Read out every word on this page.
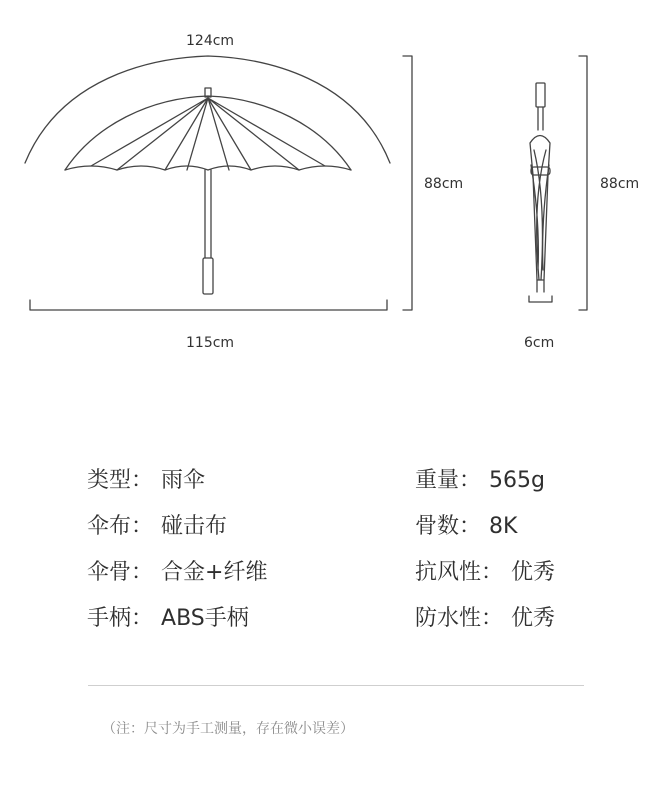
124cm
88cm
115cm
88cm
6cm
类型： 雨伞
伞布： 碰击布
伞骨： 合金+纤维
手柄： ABS手柄
重量： 565g
骨数： 8K
抗风性： 优秀
防水性： 优秀
（注：尺寸为手工测量，存在微小误差）
